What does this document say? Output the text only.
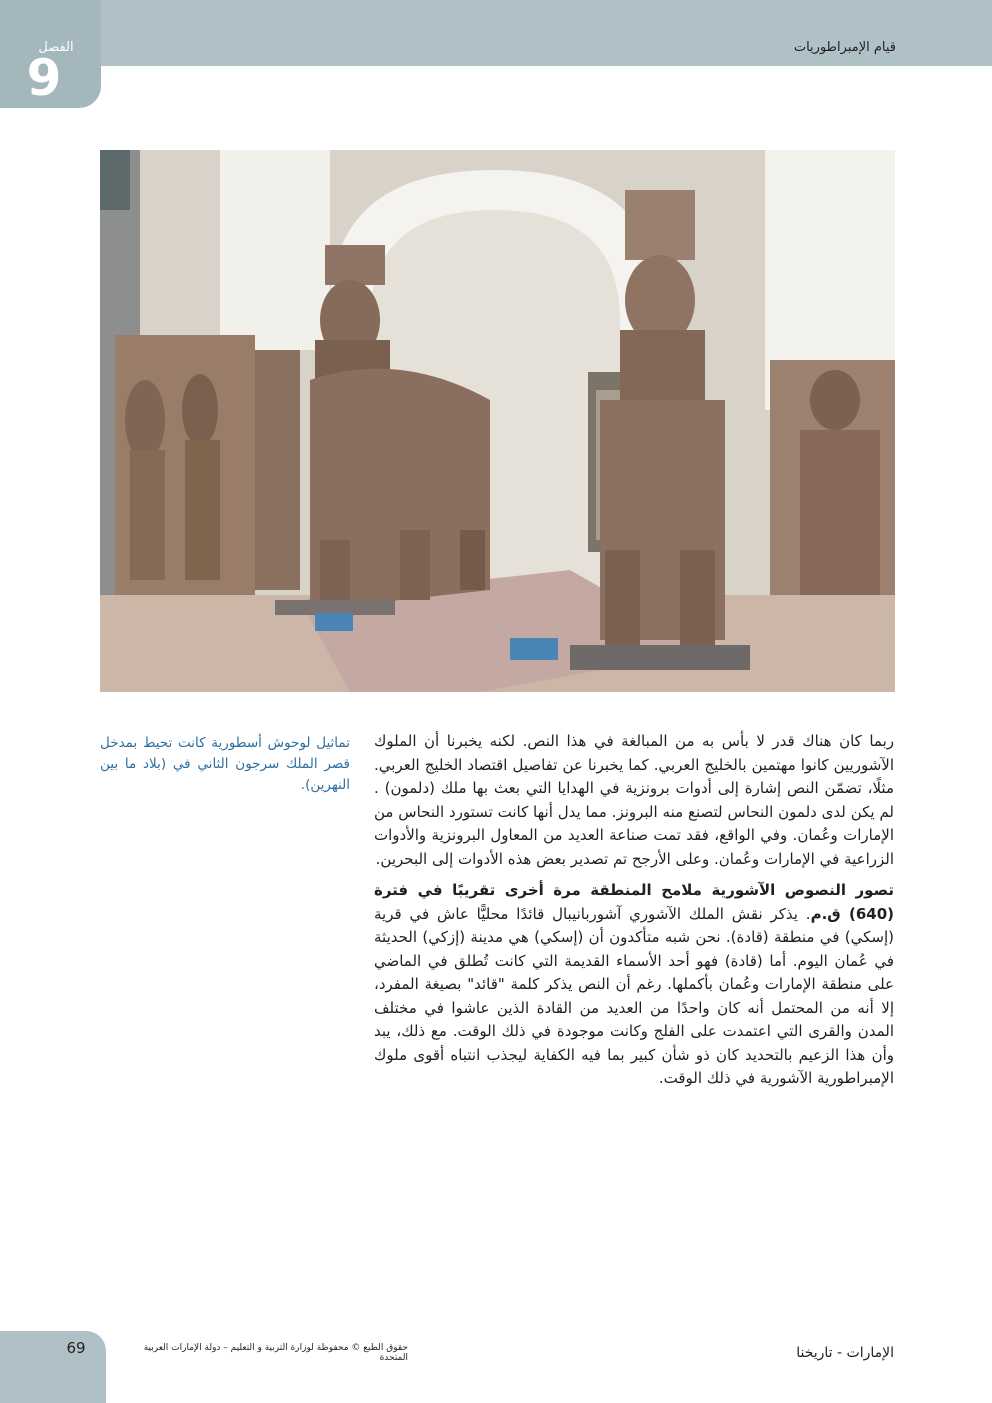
الفصل
9
قيام الإمبراطوريات
تماثيل لوحوش أسطورية كانت تحيط بمدخل قصر الملك سرجون الثاني في (بلاد ما بين النهرين).

ربما كان هناك قدر لا بأس به من المبالغة في هذا النص. لكنه يخبرنا أن الملوك الآشوريين كانوا مهتمين بالخليج العربي. كما يخبرنا عن تفاصيل اقتصاد الخليج العربي. مثلًا، تضمّن النص إشارة إلى أدوات برونزية في الهدايا التي بعث بها ملك (دلمون) . لم يكن لدى دلمون النحاس لتصنع منه البرونز. مما يدل أنها كانت تستورد النحاس من الإمارات وعُمان. وفي الواقع، فقد تمت صناعة العديد من المعاول البرونزية والأدوات الزراعية في الإمارات وعُمان. وعلى الأرجح تم تصدير بعض هذه الأدوات إلى البحرين.

تصور النصوص الآشورية ملامح المنطقة مرة أخرى تقريبًا في فترة (640) ق.م. يذكر نقش الملك الآشوري آشوربانيبال قائدًا محليًّا عاش في قرية (إسكي) في منطقة (قادة). نحن شبه متأكدون أن (إسكي) هي مدينة (إزكي) الحديثة في عُمان اليوم. أما (قادة) فهو أحد الأسماء القديمة التي كانت تُطلق في الماضي على منطقة الإمارات وعُمان بأكملها. رغم أن النص يذكر كلمة "قائد" بصيغة المفرد، إلا أنه من المحتمل أنه كان واحدًا من العديد من القادة الذين عاشوا في مختلف المدن والقرى التي اعتمدت على الفلج وكانت موجودة في ذلك الوقت. مع ذلك، يبد وأن هذا الزعيم بالتحديد كان ذو شأن كبير بما فيه الكفاية ليجذب انتباه أقوى ملوك الإمبراطورية الآشورية في ذلك الوقت.

69	حقوق الطبع © محفوظة لوزارة التربية و التعليم – دولة الإمارات العربية المتحدة	الإمارات - تاريخنا
